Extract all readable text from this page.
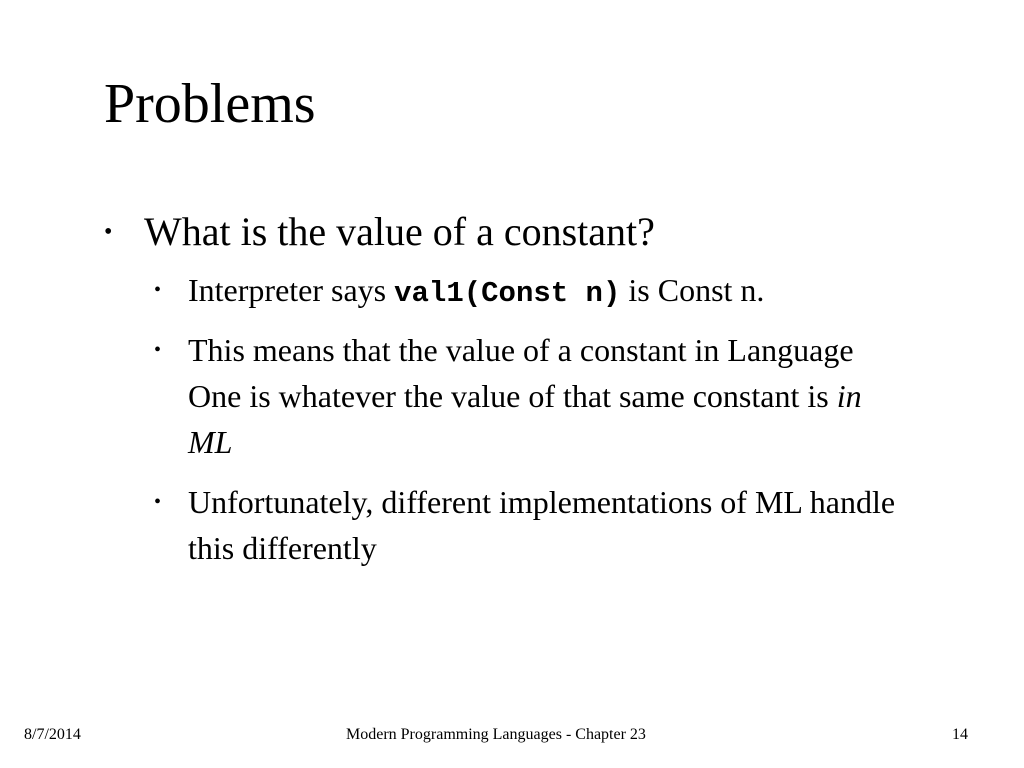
Problems
• What is the value of a constant?
• Interpreter says val1(Const n) is Const n.
• This means that the value of a constant in Language One is whatever the value of that same constant is in ML
• Unfortunately, different implementations of ML handle this differently
8/7/2014	Modern Programming Languages - Chapter 23	14
